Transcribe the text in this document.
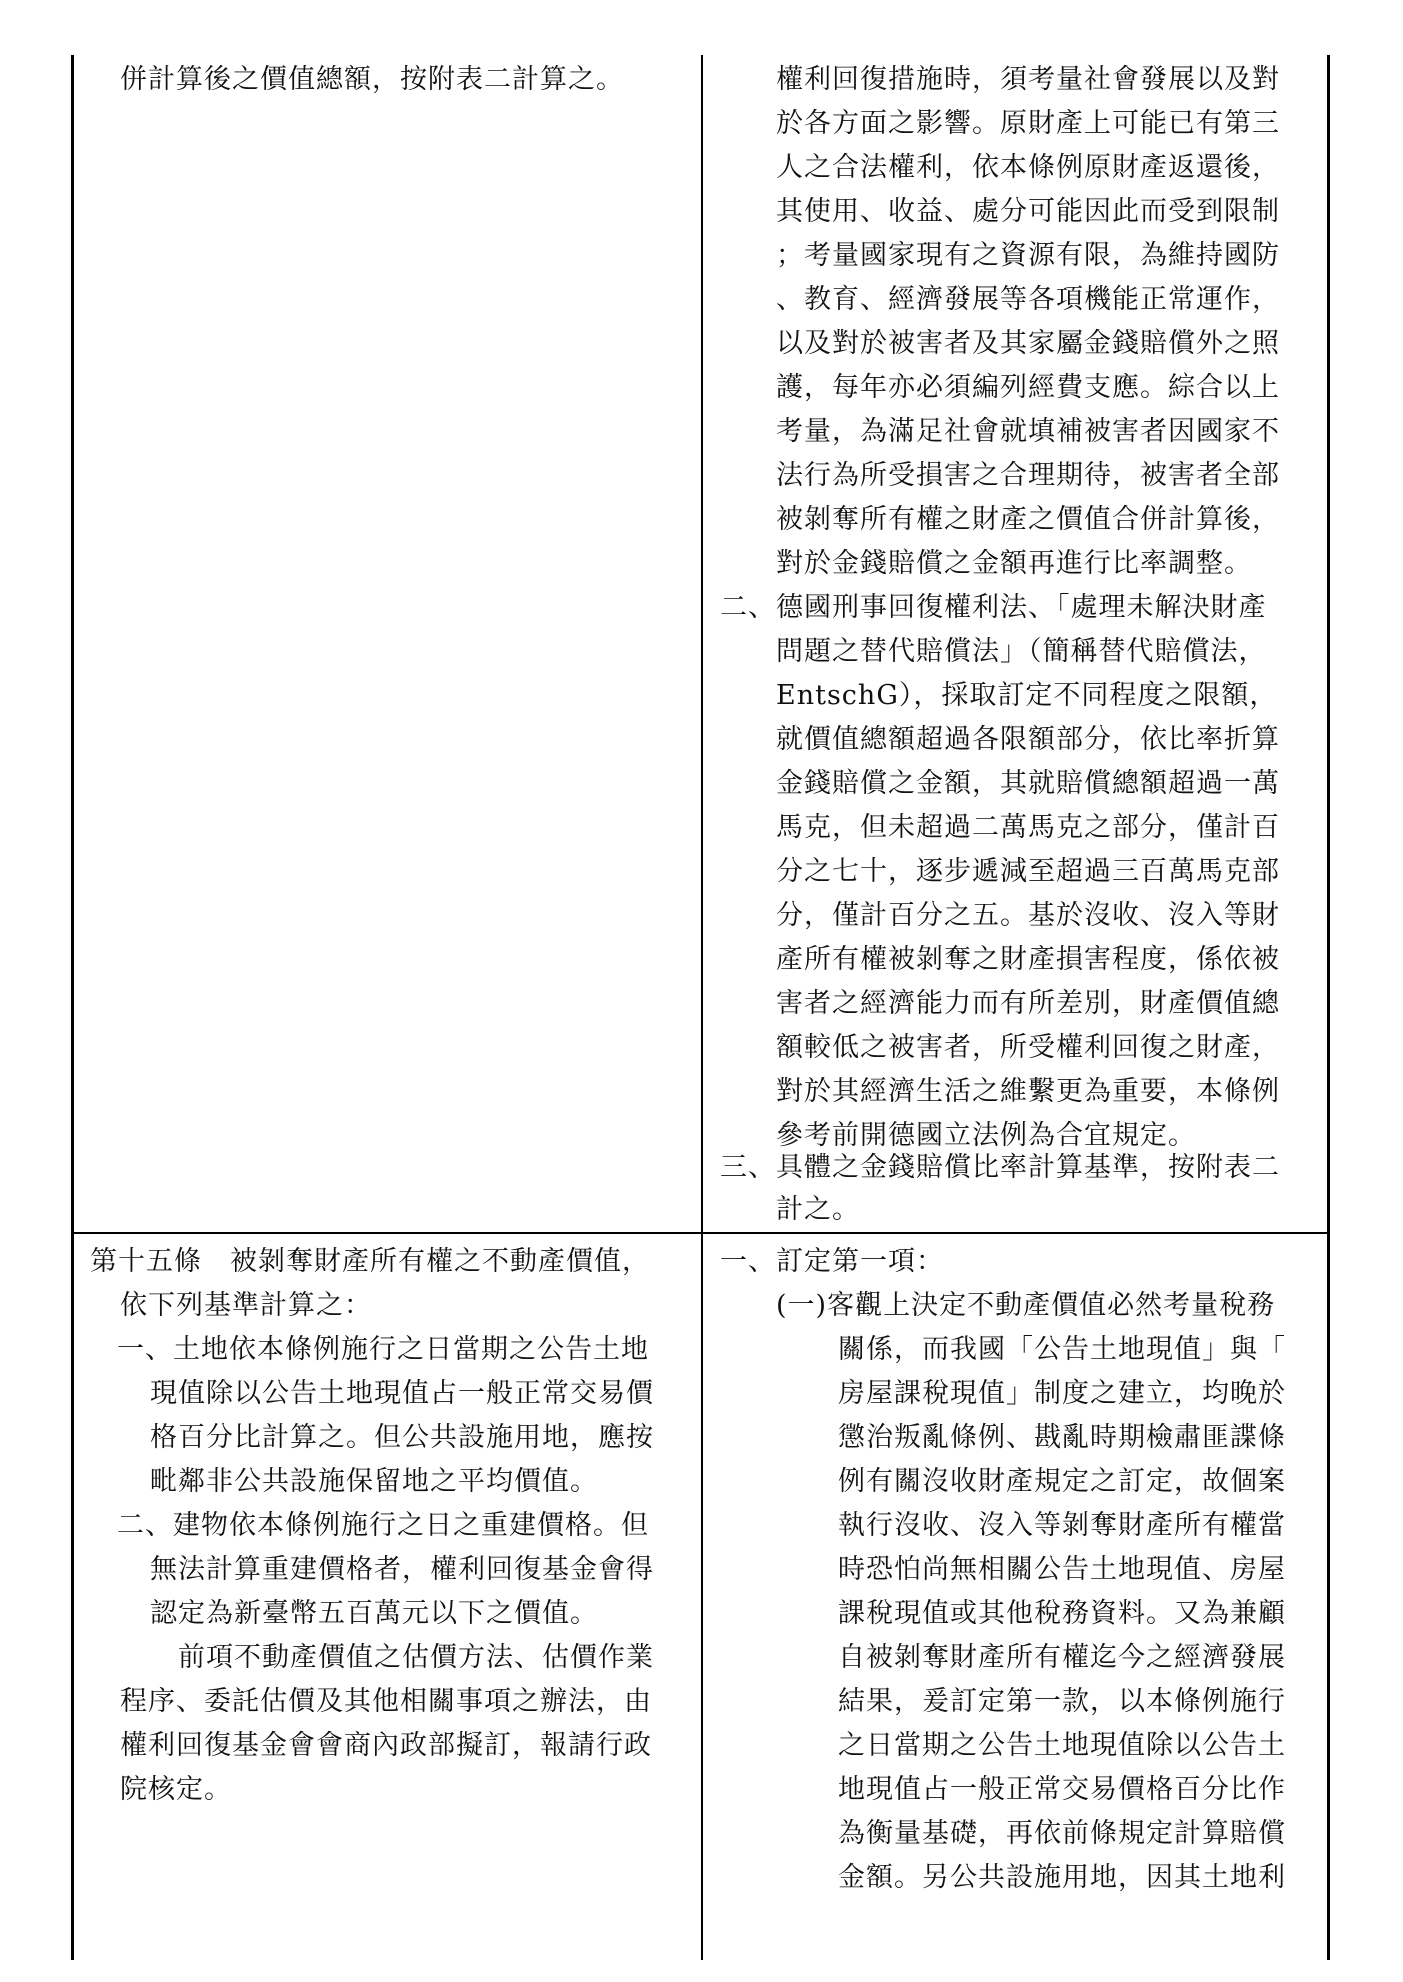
併計算後之價值總額，按附表二計算之。	權利回復措施時，須考量社會發展以及對
於各方面之影響。原財產上可能已有第三
人之合法權利，依本條例原財產返還後，
其使用、收益、處分可能因此而受到限制
；考量國家現有之資源有限，為維持國防
、教育、經濟發展等各項機能正常運作，
以及對於被害者及其家屬金錢賠償外之照
護，每年亦必須編列經費支應。綜合以上
考量，為滿足社會就填補被害者因國家不
法行為所受損害之合理期待，被害者全部
被剝奪所有權之財產之價值合併計算後，
對於金錢賠償之金額再進行比率調整。
二、德國刑事回復權利法、「處理未解決財產
問題之替代賠償法」（簡稱替代賠償法，
EntschG），採取訂定不同程度之限額，
就價值總額超過各限額部分，依比率折算
金錢賠償之金額，其就賠償總額超過一萬
馬克，但未超過二萬馬克之部分，僅計百
分之七十，逐步遞減至超過三百萬馬克部
分，僅計百分之五。基於沒收、沒入等財
產所有權被剝奪之財產損害程度，係依被
害者之經濟能力而有所差別，財產價值總
額較低之被害者，所受權利回復之財產，
對於其經濟生活之維繫更為重要，本條例
參考前開德國立法例為合宜規定。
三、具體之金錢賠償比率計算基準，按附表二
計之。
第十五條　被剝奪財產所有權之不動產價值，
依下列基準計算之：
一、土地依本條例施行之日當期之公告土地
現值除以公告土地現值占一般正常交易價
格百分比計算之。但公共設施用地，應按
毗鄰非公共設施保留地之平均價值。
二、建物依本條例施行之日之重建價格。但
無法計算重建價格者，權利回復基金會得
認定為新臺幣五百萬元以下之價值。
前項不動產價值之估價方法、估價作業
程序、委託估價及其他相關事項之辦法，由
權利回復基金會會商內政部擬訂，報請行政
院核定。
一、訂定第一項：
(一)客觀上決定不動產價值必然考量稅務
關係，而我國「公告土地現值」與「
房屋課稅現值」制度之建立，均晚於
懲治叛亂條例、戡亂時期檢肅匪諜條
例有關沒收財產規定之訂定，故個案
執行沒收、沒入等剝奪財產所有權當
時恐怕尚無相關公告土地現值、房屋
課稅現值或其他稅務資料。又為兼顧
自被剝奪財產所有權迄今之經濟發展
結果，爰訂定第一款，以本條例施行
之日當期之公告土地現值除以公告土
地現值占一般正常交易價格百分比作
為衡量基礎，再依前條規定計算賠償
金額。另公共設施用地，因其土地利
